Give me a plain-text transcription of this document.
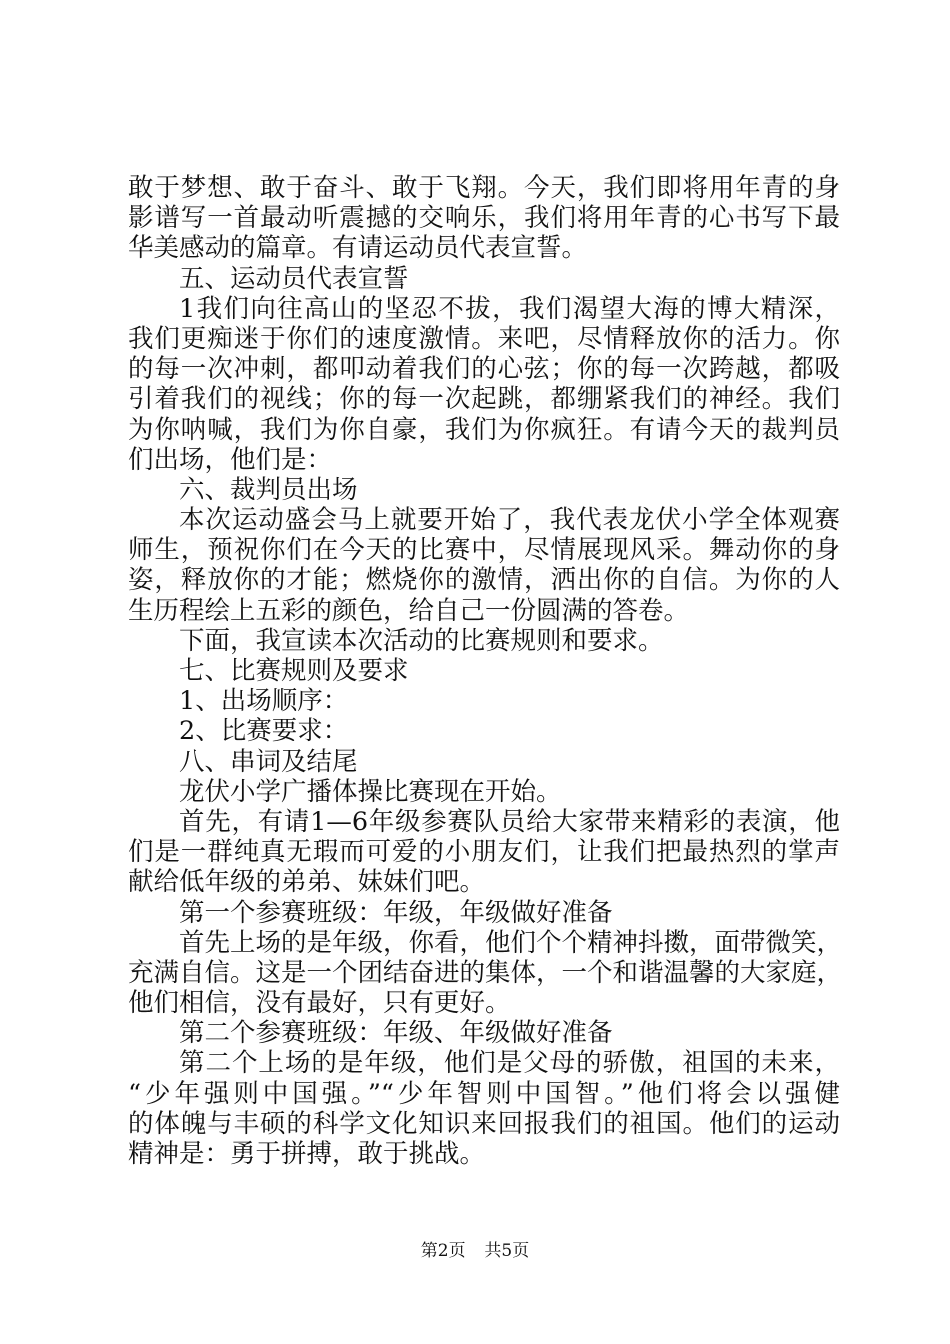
敢于梦想、敢于奋斗、敢于飞翔。今天，我们即将用年青的身
影谱写一首最动听震撼的交响乐，我们将用年青的心书写下最
华美感动的篇章。有请运动员代表宣誓。
五、运动员代表宣誓
1我们向往高山的坚忍不拔，我们渴望大海的博大精深，
我们更痴迷于你们的速度激情。来吧，尽情释放你的活力。你
的每一次冲刺，都叩动着我们的心弦；你的每一次跨越，都吸
引着我们的视线；你的每一次起跳，都绷紧我们的神经。我们
为你呐喊，我们为你自豪，我们为你疯狂。有请今天的裁判员
们出场，他们是：
六、裁判员出场
本次运动盛会马上就要开始了，我代表龙伏小学全体观赛
师生，预祝你们在今天的比赛中，尽情展现风采。舞动你的身
姿，释放你的才能；燃烧你的激情，洒出你的自信。为你的人
生历程绘上五彩的颜色，给自己一份圆满的答卷。
下面，我宣读本次活动的比赛规则和要求。
七、比赛规则及要求
1、出场顺序：
2、比赛要求：
八、串词及结尾
龙伏小学广播体操比赛现在开始。
首先，有请1—6年级参赛队员给大家带来精彩的表演，他
们是一群纯真无瑕而可爱的小朋友们，让我们把最热烈的掌声
献给低年级的弟弟、妹妹们吧。
第一个参赛班级：年级，年级做好准备
首先上场的是年级，你看，他们个个精神抖擞，面带微笑，
充满自信。这是一个团结奋进的集体，一个和谐温馨的大家庭，
他们相信，没有最好，只有更好。
第二个参赛班级：年级、年级做好准备
第二个上场的是年级，他们是父母的骄傲，祖国的未来，
“少年强则中国强。”“少年智则中国智。”他们将会以强健
的体魄与丰硕的科学文化知识来回报我们的祖国。他们的运动
精神是：勇于拼搏，敢于挑战。
第2页 共5页
